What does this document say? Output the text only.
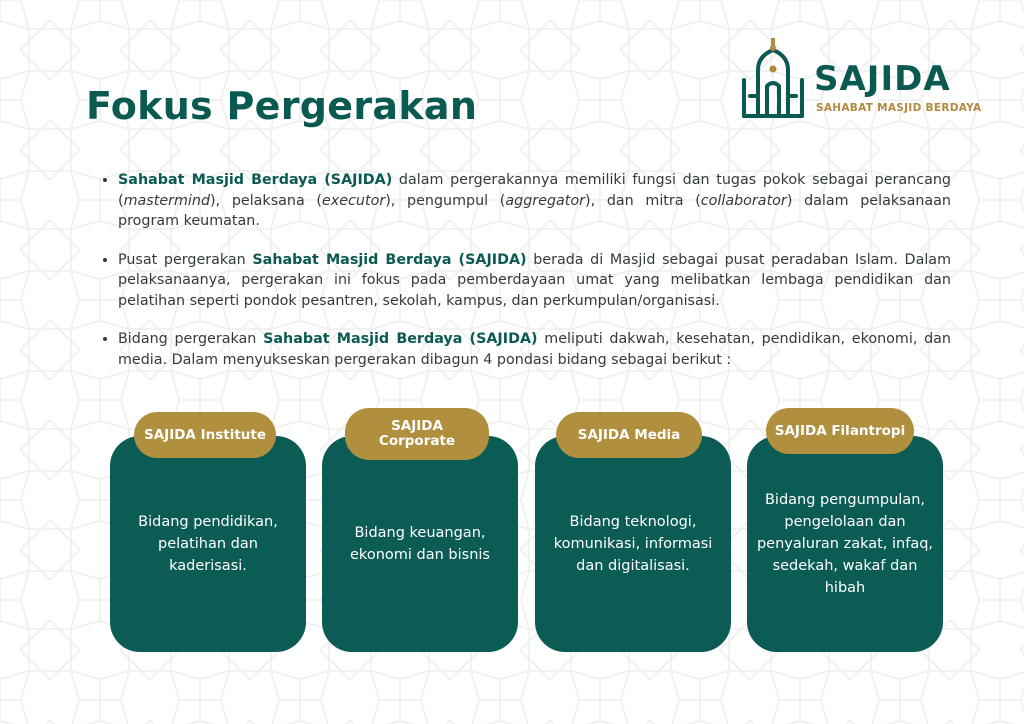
Fokus Pergerakan
SAJIDA
SAHABAT MASJID BERDAYA
• Sahabat Masjid Berdaya (SAJIDA) dalam pergerakannya memiliki fungsi dan tugas pokok sebagai perancang (mastermind), pelaksana (executor), pengumpul (aggregator), dan mitra (collaborator) dalam pelaksanaan program keumatan.
• Pusat pergerakan Sahabat Masjid Berdaya (SAJIDA) berada di Masjid sebagai pusat peradaban Islam. Dalam pelaksanaanya, pergerakan ini fokus pada pemberdayaan umat yang melibatkan lembaga pendidikan dan pelatihan seperti pondok pesantren, sekolah, kampus, dan perkumpulan/organisasi.
• Bidang pergerakan Sahabat Masjid Berdaya (SAJIDA) meliputi dakwah, kesehatan, pendidikan, ekonomi, dan media. Dalam menyukseskan pergerakan dibagun 4 pondasi bidang sebagai berikut :
Bidang pendidikan,
pelatihan dan
kaderisasi.
SAJIDA Institute
Bidang keuangan,
ekonomi dan bisnis
SAJIDA
Corporate
Bidang teknologi,
komunikasi, informasi
dan digitalisasi.
SAJIDA Media
Bidang pengumpulan,
pengelolaan dan
penyaluran zakat, infaq,
sedekah, wakaf dan
hibah
SAJIDA Filantropi
